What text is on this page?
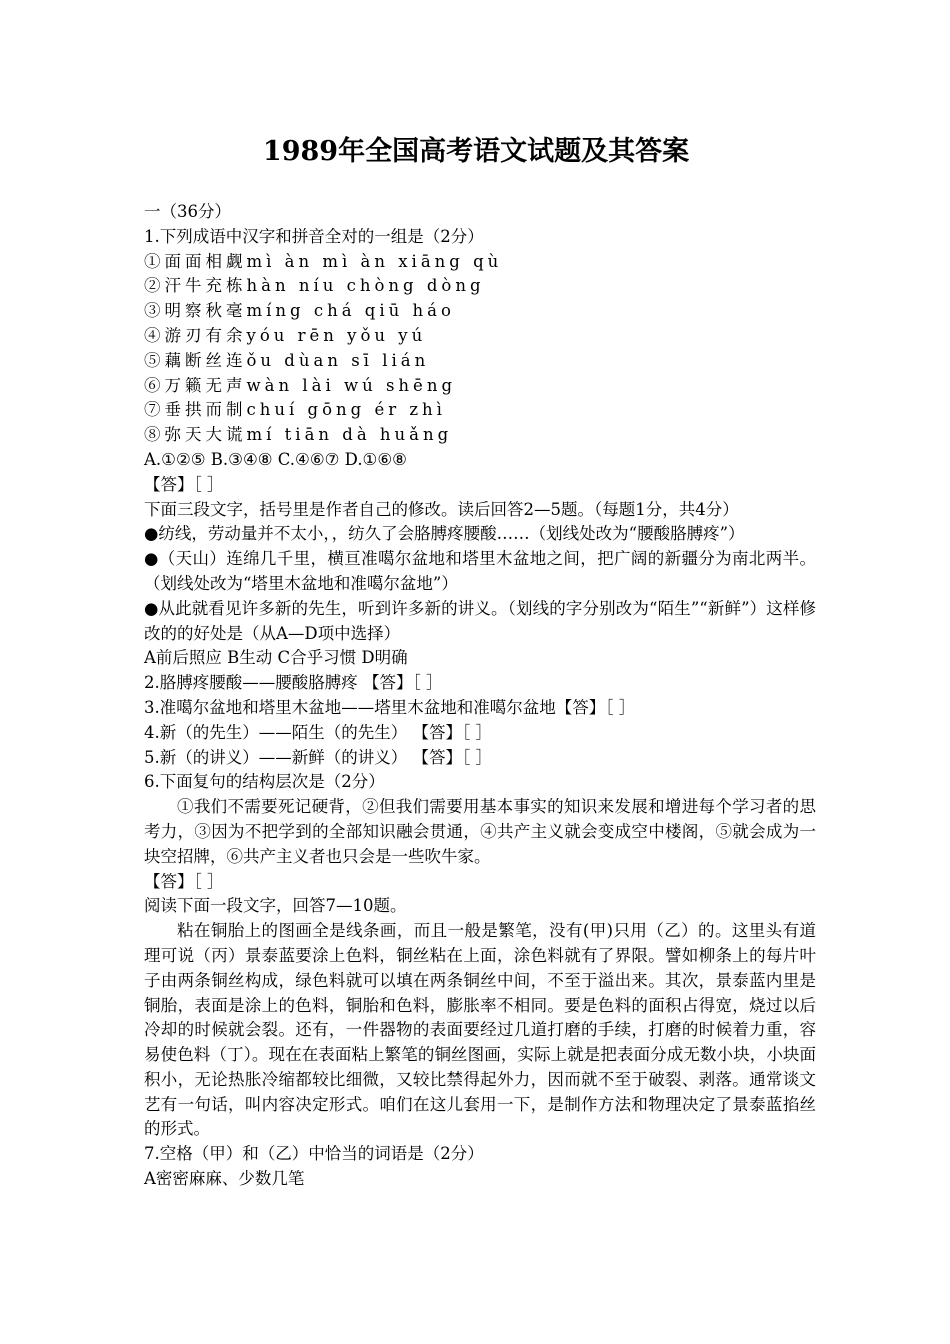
1989年全国高考语文试题及其答案

一（36分）

1.下列成语中汉字和拼音全对的一组是（2分）

①面面相觑mì àn mì àn xiāng qù

②汗牛充栋hàn níu chòng dòng

③明察秋毫míng chá qiū háo

④游刃有余yóu rēn yǒu yú

⑤藕断丝连ǒu dùan sī lián

⑥万籁无声wàn lài wú shēng

⑦垂拱而制chuí gōng ér zhì

⑧弥天大谎mí tiān dà huǎng

A.①②⑤ B.③④⑧ C.④⑥⑦ D.①⑥⑧

【答】［ ］

下面三段文字，括号里是作者自己的修改。读后回答2—5题。（每题1分，共4分）

●纺线，劳动量并不太小，，纺久了会胳膊疼腰酸……（划线处改为“腰酸胳膊疼”）

●（天山）连绵几千里，横亘准噶尔盆地和塔里木盆地之间，把广阔的新疆分为南北两半。（划线处改为“塔里木盆地和准噶尔盆地”）

●从此就看见许多新的先生，听到许多新的讲义。（划线的字分别改为“陌生”“新鲜”）这样修改的的好处是（从A—D项中选择）

A前后照应 B生动 C合乎习惯 D明确

2.胳膊疼腰酸——腰酸胳膊疼 【答】［ ］

3.准噶尔盆地和塔里木盆地——塔里木盆地和准噶尔盆地【答】［ ］

4.新（的先生）——陌生（的先生） 【答】［ ］

5.新（的讲义）——新鲜（的讲义） 【答】［ ］

6.下面复句的结构层次是（2分）

①我们不需要死记硬背，②但我们需要用基本事实的知识来发展和增进每个学习者的思考力，③因为不把学到的全部知识融会贯通，④共产主义就会变成空中楼阁，⑤就会成为一块空招牌，⑥共产主义者也只会是一些吹牛家。

【答】［ ］

阅读下面一段文字，回答7—10题。

粘在铜胎上的图画全是线条画，而且一般是繁笔，没有(甲)只用（乙）的。这里头有道理可说（丙）景泰蓝要涂上色料，铜丝粘在上面，涂色料就有了界限。譬如柳条上的每片叶子由两条铜丝构成，绿色料就可以填在两条铜丝中间，不至于溢出来。其次，景泰蓝内里是铜胎，表面是涂上的色料，铜胎和色料，膨胀率不相同。要是色料的面积占得宽，烧过以后冷却的时候就会裂。还有，一件器物的表面要经过几道打磨的手续，打磨的时候着力重，容易使色料（丁）。现在在表面粘上繁笔的铜丝图画，实际上就是把表面分成无数小块，小块面积小，无论热胀冷缩都较比细微，又较比禁得起外力，因而就不至于破裂、剥落。通常谈文艺有一句话，叫内容决定形式。咱们在这儿套用一下，是制作方法和物理决定了景泰蓝掐丝的形式。

7.空格（甲）和（乙）中恰当的词语是（2分）

A密密麻麻、少数几笔
